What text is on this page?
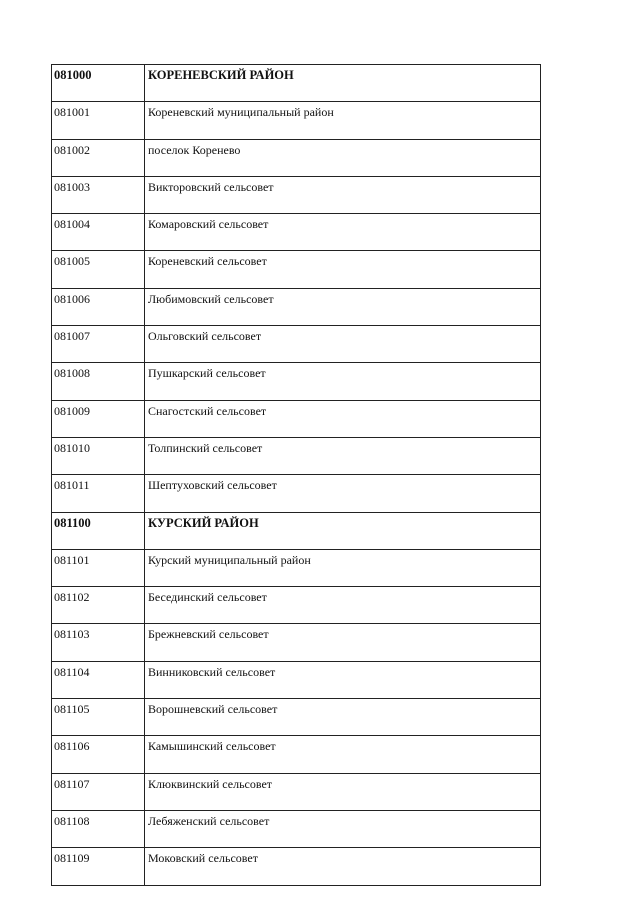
081000	КОРЕНЕВСКИЙ РАЙОН
081001	Кореневский муниципальный район
081002	поселок Коренево
081003	Викторовский сельсовет
081004	Комаровский сельсовет
081005	Кореневский сельсовет
081006	Любимовский сельсовет
081007	Ольговский сельсовет
081008	Пушкарский сельсовет
081009	Снагостский сельсовет
081010	Толпинский сельсовет
081011	Шептуховский сельсовет
081100	КУРСКИЙ РАЙОН
081101	Курский муниципальный район
081102	Бесединский сельсовет
081103	Брежневский сельсовет
081104	Винниковский сельсовет
081105	Ворошневский сельсовет
081106	Камышинский сельсовет
081107	Клюквинский сельсовет
081108	Лебяженский сельсовет
081109	Моковский сельсовет
